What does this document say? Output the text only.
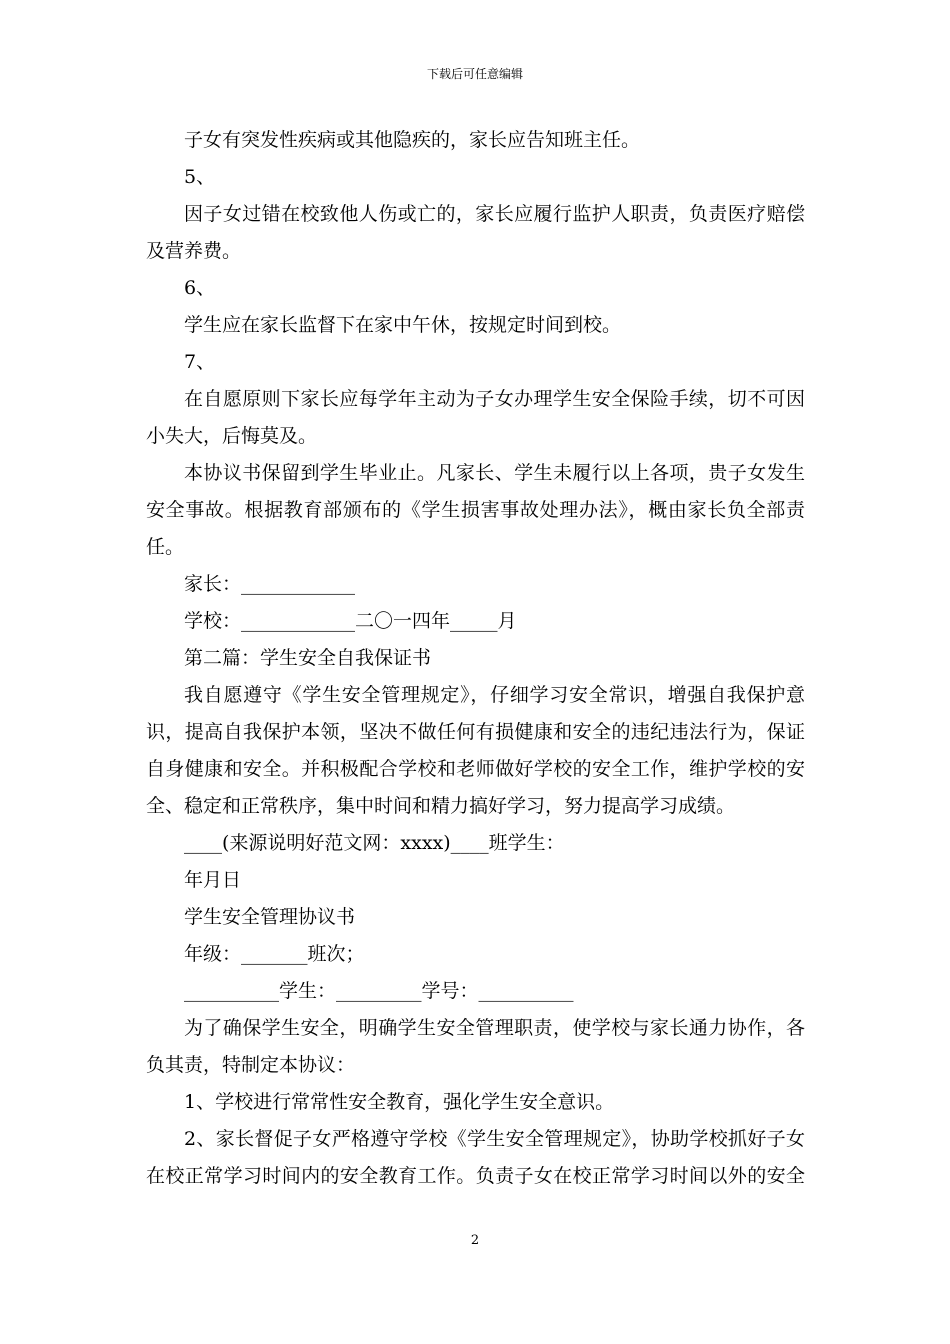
下载后可任意编辑
子女有突发性疾病或其他隐疾的，家长应告知班主任。
5、
因子女过错在校致他人伤或亡的，家长应履行监护人职责，负责医疗赔偿
及营养费。
6、
学生应在家长监督下在家中午休，按规定时间到校。
7、
在自愿原则下家长应每学年主动为子女办理学生安全保险手续，切不可因
小失大，后悔莫及。
本协议书保留到学生毕业止。凡家长、学生未履行以上各项，贵子女发生
安全事故。根据教育部颁布的《学生损害事故处理办法》，概由家长负全部责
任。
家长：____________
学校：____________二〇一四年_____月
第二篇：学生安全自我保证书
我自愿遵守《学生安全管理规定》，仔细学习安全常识，增强自我保护意
识，提高自我保护本领，坚决不做任何有损健康和安全的违纪违法行为，保证
自身健康和安全。并积极配合学校和老师做好学校的安全工作，维护学校的安
全、稳定和正常秩序，集中时间和精力搞好学习，努力提高学习成绩。
____(来源说明好范文网：xxxx)____班学生：
年月日
学生安全管理协议书
年级：_______班次；
__________学生：_________学号：__________
为了确保学生安全，明确学生安全管理职责，使学校与家长通力协作，各
负其责，特制定本协议：
1、学校进行常常性安全教育，强化学生安全意识。
2、家长督促子女严格遵守学校《学生安全管理规定》，协助学校抓好子女
在校正常学习时间内的安全教育工作。负责子女在校正常学习时间以外的安全
2
